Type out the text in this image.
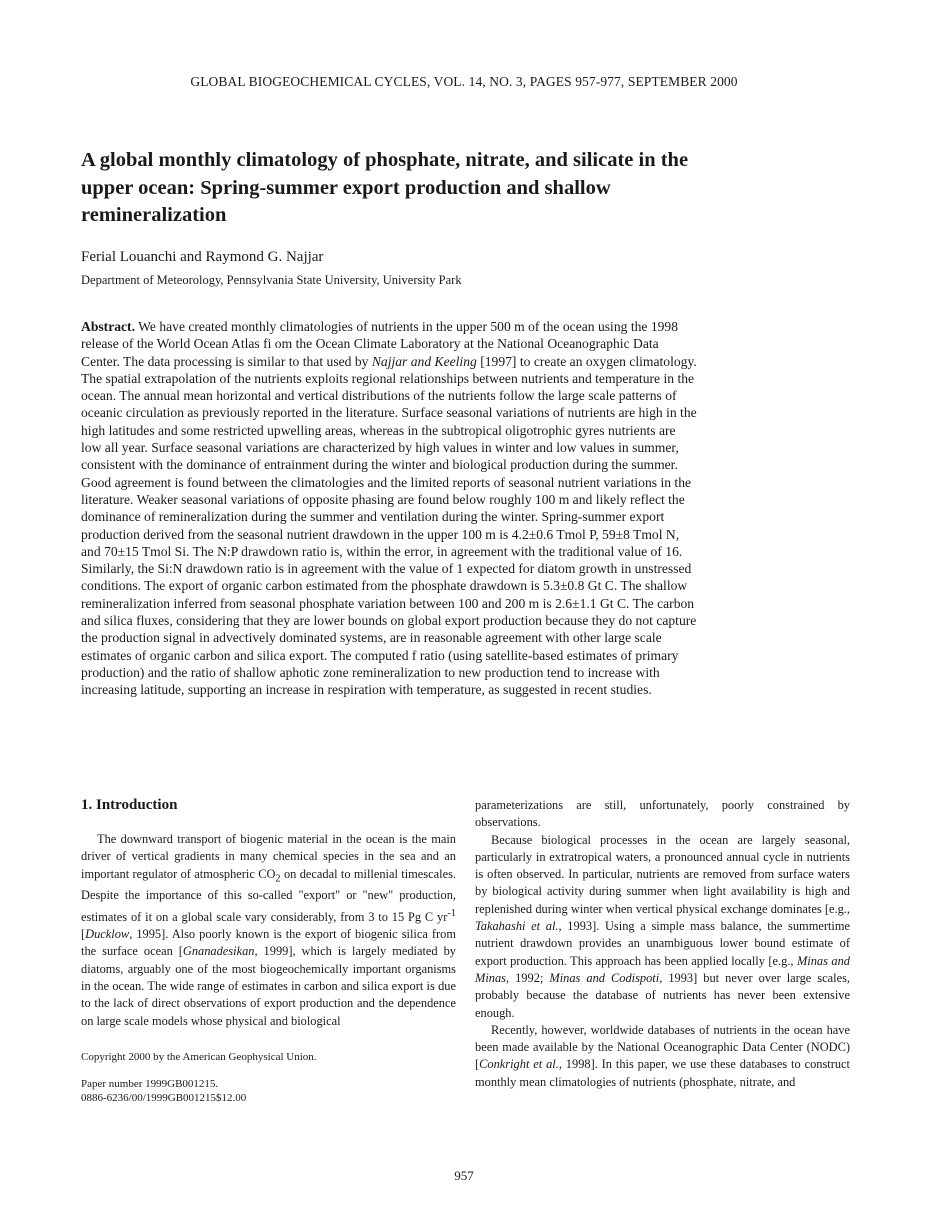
GLOBAL BIOGEOCHEMICAL CYCLES, VOL. 14, NO. 3, PAGES 957-977, SEPTEMBER 2000
A global monthly climatology of phosphate, nitrate, and silicate in the upper ocean: Spring-summer export production and shallow remineralization
Ferial Louanchi and Raymond G. Najjar
Department of Meteorology, Pennsylvania State University, University Park

Abstract. We have created monthly climatologies of nutrients in the upper 500 m of the ocean using the 1998 release of the World Ocean Atlas fi om the Ocean Climate Laboratory at the National Oceanographic Data Center. The data processing is similar to that used by Najjar and Keeling [1997] to create an oxygen climatology. The spatial extrapolation of the nutrients exploits regional relationships between nutrients and temperature in the ocean. The annual mean horizontal and vertical distributions of the nutrients follow the large scale patterns of oceanic circulation as previously reported in the literature. Surface seasonal variations of nutrients are high in the high latitudes and some restricted upwelling areas, whereas in the subtropical oligotrophic gyres nutrients are low all year. Surface seasonal variations are characterized by high values in winter and low values in summer, consistent with the dominance of entrainment during the winter and biological production during the summer. Good agreement is found between the climatologies and the limited reports of seasonal nutrient variations in the literature. Weaker seasonal variations of opposite phasing are found below roughly 100 m and likely reflect the dominance of remineralization during the summer and ventilation during the winter. Spring-summer export production derived from the seasonal nutrient drawdown in the upper 100 m is 4.2±0.6 Tmol P, 59±8 Tmol N, and 70±15 Tmol Si. The N:P drawdown ratio is, within the error, in agreement with the traditional value of 16. Similarly, the Si:N drawdown ratio is in agreement with the value of 1 expected for diatom growth in unstressed conditions. The export of organic carbon estimated from the phosphate drawdown is 5.3±0.8 Gt C. The shallow remineralization inferred from seasonal phosphate variation between 100 and 200 m is 2.6±1.1 Gt C. The carbon and silica fluxes, considering that they are lower bounds on global export production because they do not capture the production signal in advectively dominated systems, are in reasonable agreement with other large scale estimates of organic carbon and silica export. The computed f ratio (using satellite-based estimates of primary production) and the ratio of shallow aphotic zone remineralization to new production tend to increase with increasing latitude, supporting an increase in respiration with temperature, as suggested in recent studies.

1. Introduction

The downward transport of biogenic material in the ocean is the main driver of vertical gradients in many chemical species in the sea and an important regulator of atmospheric $CO_2$ on decadal to millenial timescales. Despite the importance of this so-called "export" or "new" production, estimates of it on a global scale vary considerably, from 3 to 15 Pg C $yr^{-1}$ [Ducklow, 1995]. Also poorly known is the export of biogenic silica from the surface ocean [Gnanadesikan, 1999], which is largely mediated by diatoms, arguably one of the most biogeochemically important organisms in the ocean. The wide range of estimates in carbon and silica export is due to the lack of direct observations of export production and the dependence on large scale models whose physical and biological

Copyright 2000 by the American Geophysical Union.

Paper number 1999GB001215.
0886-6236/00/1999GB001215$12.00

parameterizations are still, unfortunately, poorly constrained by observations.

Because biological processes in the ocean are largely seasonal, particularly in extratropical waters, a pronounced annual cycle in nutrients is often observed. In particular, nutrients are removed from surface waters by biological activity during summer when light availability is high and replenished during winter when vertical physical exchange dominates [e.g., Takahashi et al., 1993]. Using a simple mass balance, the summertime nutrient drawdown provides an unambiguous lower bound estimate of export production. This approach has been applied locally [e.g., Minas and Minas, 1992; Minas and Codispoti, 1993] but never over large scales, probably because the database of nutrients has never been extensive enough.

Recently, however, worldwide databases of nutrients in the ocean have been made available by the National Oceanographic Data Center (NODC) [Conkright et al., 1998]. In this paper, we use these databases to construct monthly mean climatologies of nutrients (phosphate, nitrate, and

957
